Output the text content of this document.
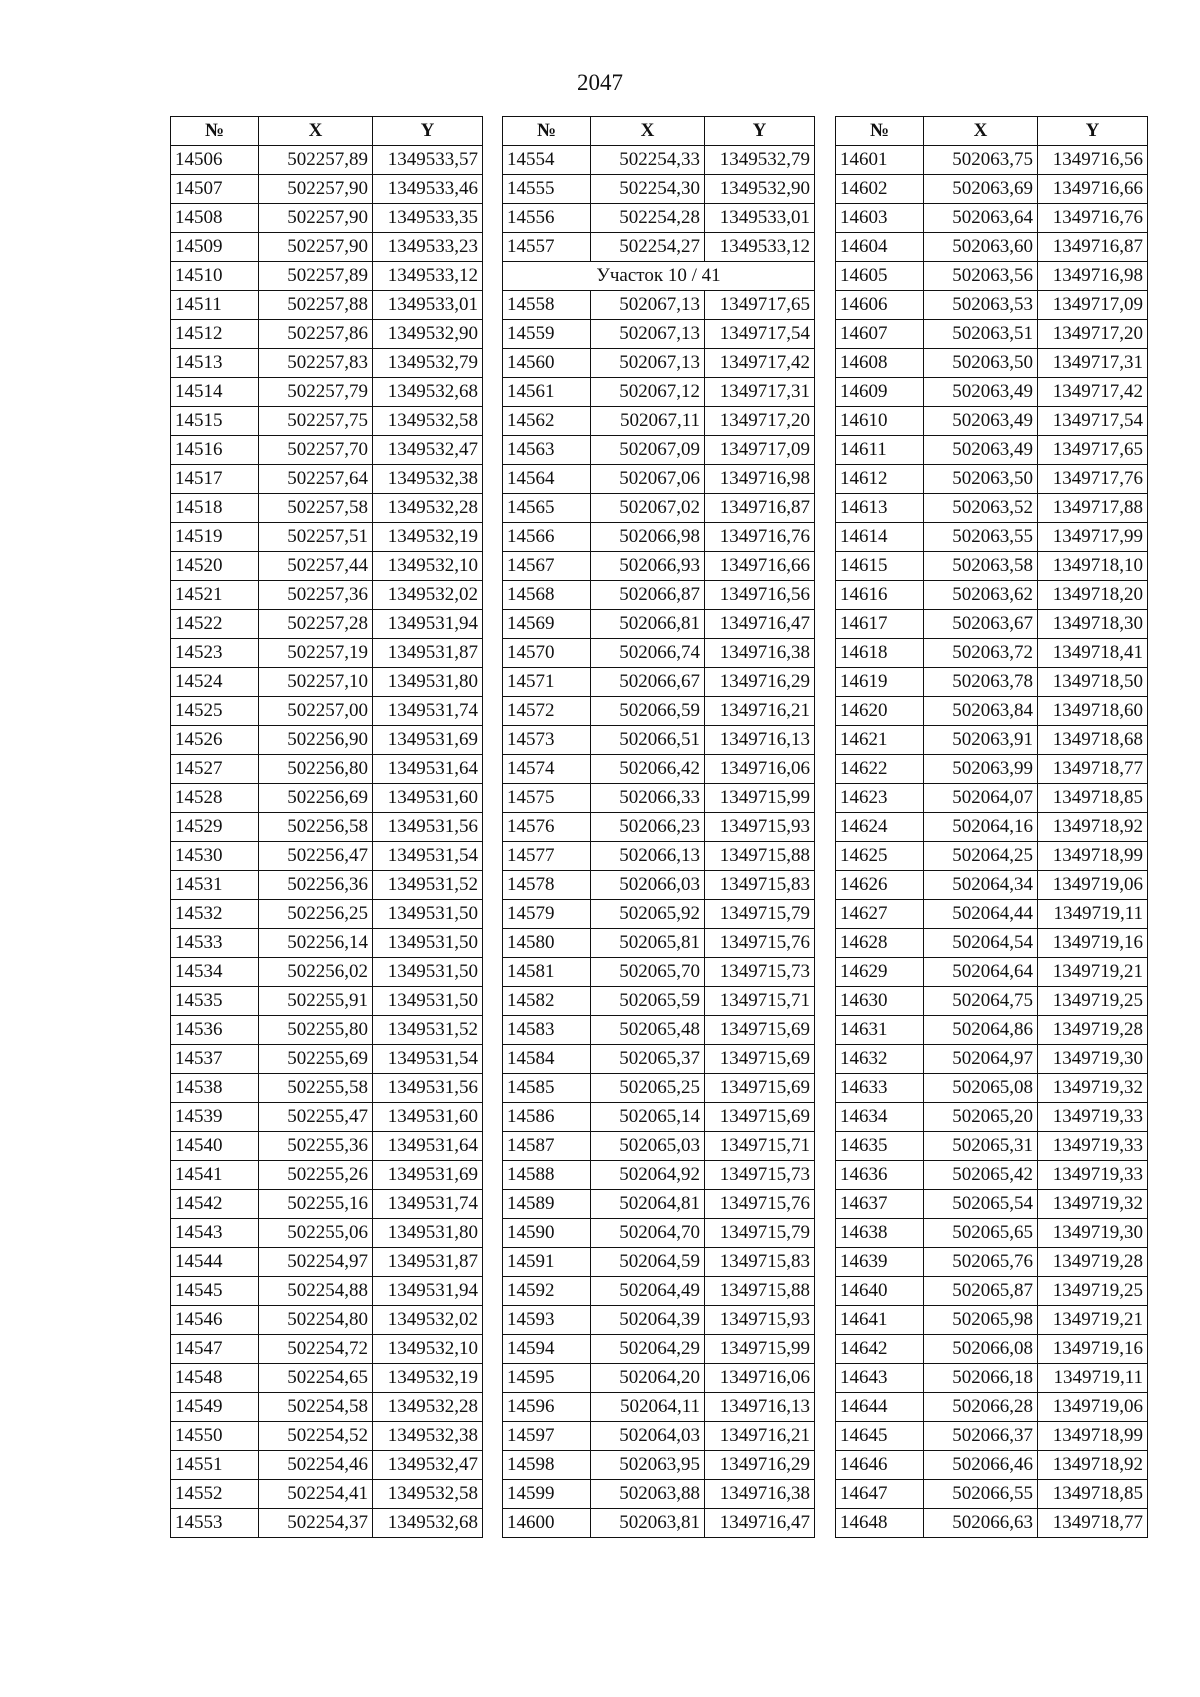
2047
№	X	Y
14506	502257,89	1349533,57
14507	502257,90	1349533,46
14508	502257,90	1349533,35
14509	502257,90	1349533,23
14510	502257,89	1349533,12
14511	502257,88	1349533,01
14512	502257,86	1349532,90
14513	502257,83	1349532,79
14514	502257,79	1349532,68
14515	502257,75	1349532,58
14516	502257,70	1349532,47
14517	502257,64	1349532,38
14518	502257,58	1349532,28
14519	502257,51	1349532,19
14520	502257,44	1349532,10
14521	502257,36	1349532,02
14522	502257,28	1349531,94
14523	502257,19	1349531,87
14524	502257,10	1349531,80
14525	502257,00	1349531,74
14526	502256,90	1349531,69
14527	502256,80	1349531,64
14528	502256,69	1349531,60
14529	502256,58	1349531,56
14530	502256,47	1349531,54
14531	502256,36	1349531,52
14532	502256,25	1349531,50
14533	502256,14	1349531,50
14534	502256,02	1349531,50
14535	502255,91	1349531,50
14536	502255,80	1349531,52
14537	502255,69	1349531,54
14538	502255,58	1349531,56
14539	502255,47	1349531,60
14540	502255,36	1349531,64
14541	502255,26	1349531,69
14542	502255,16	1349531,74
14543	502255,06	1349531,80
14544	502254,97	1349531,87
14545	502254,88	1349531,94
14546	502254,80	1349532,02
14547	502254,72	1349532,10
14548	502254,65	1349532,19
14549	502254,58	1349532,28
14550	502254,52	1349532,38
14551	502254,46	1349532,47
14552	502254,41	1349532,58
14553	502254,37	1349532,68
№	X	Y
14554	502254,33	1349532,79
14555	502254,30	1349532,90
14556	502254,28	1349533,01
14557	502254,27	1349533,12
Участок 10 / 41		
14558	502067,13	1349717,65
14559	502067,13	1349717,54
14560	502067,13	1349717,42
14561	502067,12	1349717,31
14562	502067,11	1349717,20
14563	502067,09	1349717,09
14564	502067,06	1349716,98
14565	502067,02	1349716,87
14566	502066,98	1349716,76
14567	502066,93	1349716,66
14568	502066,87	1349716,56
14569	502066,81	1349716,47
14570	502066,74	1349716,38
14571	502066,67	1349716,29
14572	502066,59	1349716,21
14573	502066,51	1349716,13
14574	502066,42	1349716,06
14575	502066,33	1349715,99
14576	502066,23	1349715,93
14577	502066,13	1349715,88
14578	502066,03	1349715,83
14579	502065,92	1349715,79
14580	502065,81	1349715,76
14581	502065,70	1349715,73
14582	502065,59	1349715,71
14583	502065,48	1349715,69
14584	502065,37	1349715,69
14585	502065,25	1349715,69
14586	502065,14	1349715,69
14587	502065,03	1349715,71
14588	502064,92	1349715,73
14589	502064,81	1349715,76
14590	502064,70	1349715,79
14591	502064,59	1349715,83
14592	502064,49	1349715,88
14593	502064,39	1349715,93
14594	502064,29	1349715,99
14595	502064,20	1349716,06
14596	502064,11	1349716,13
14597	502064,03	1349716,21
14598	502063,95	1349716,29
14599	502063,88	1349716,38
14600	502063,81	1349716,47
№	X	Y
14601	502063,75	1349716,56
14602	502063,69	1349716,66
14603	502063,64	1349716,76
14604	502063,60	1349716,87
14605	502063,56	1349716,98
14606	502063,53	1349717,09
14607	502063,51	1349717,20
14608	502063,50	1349717,31
14609	502063,49	1349717,42
14610	502063,49	1349717,54
14611	502063,49	1349717,65
14612	502063,50	1349717,76
14613	502063,52	1349717,88
14614	502063,55	1349717,99
14615	502063,58	1349718,10
14616	502063,62	1349718,20
14617	502063,67	1349718,30
14618	502063,72	1349718,41
14619	502063,78	1349718,50
14620	502063,84	1349718,60
14621	502063,91	1349718,68
14622	502063,99	1349718,77
14623	502064,07	1349718,85
14624	502064,16	1349718,92
14625	502064,25	1349718,99
14626	502064,34	1349719,06
14627	502064,44	1349719,11
14628	502064,54	1349719,16
14629	502064,64	1349719,21
14630	502064,75	1349719,25
14631	502064,86	1349719,28
14632	502064,97	1349719,30
14633	502065,08	1349719,32
14634	502065,20	1349719,33
14635	502065,31	1349719,33
14636	502065,42	1349719,33
14637	502065,54	1349719,32
14638	502065,65	1349719,30
14639	502065,76	1349719,28
14640	502065,87	1349719,25
14641	502065,98	1349719,21
14642	502066,08	1349719,16
14643	502066,18	1349719,11
14644	502066,28	1349719,06
14645	502066,37	1349718,99
14646	502066,46	1349718,92
14647	502066,55	1349718,85
14648	502066,63	1349718,77
